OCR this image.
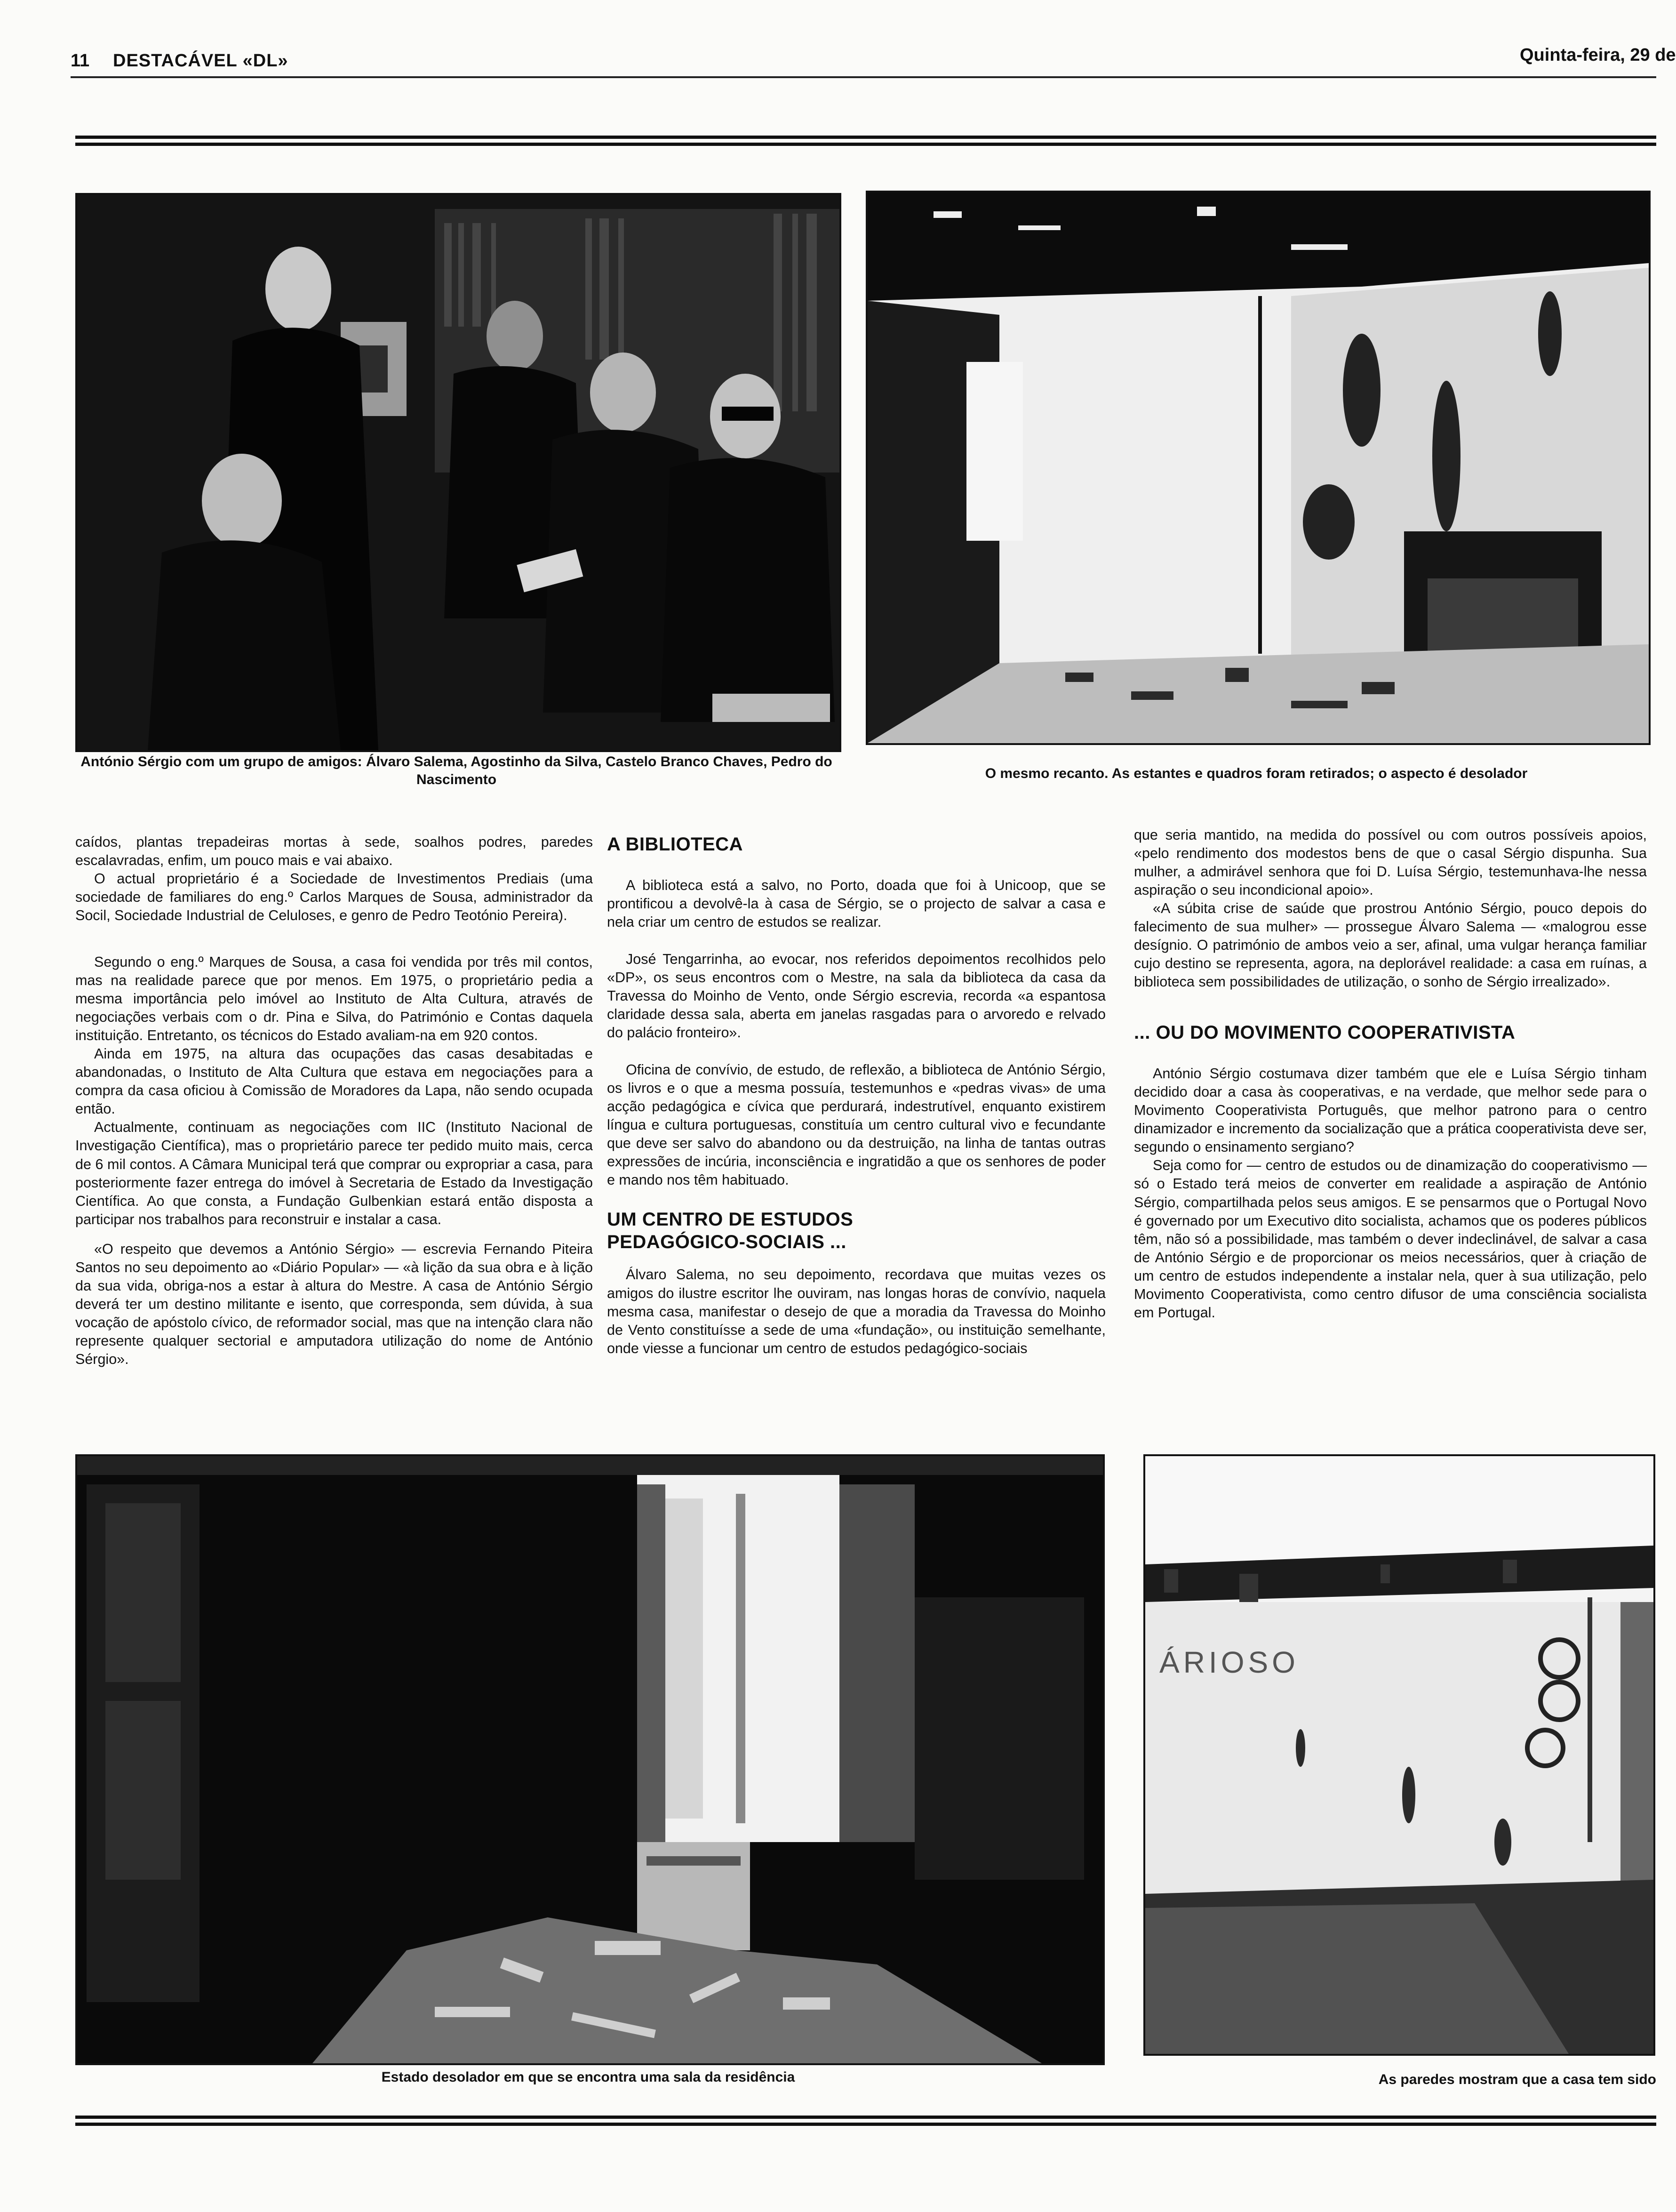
11 DESTACÁVEL «DL»	Quinta-feira, 29 de
António Sérgio com um grupo de amigos: Álvaro Salema, Agostinho da Silva, Castelo Branco Chaves, Pedro do Nascimento	O mesmo recanto. As estantes e quadros foram retirados; o aspecto é desolador

caídos, plantas trepadeiras mortas à sede, soalhos podres, paredes escalavradas, enfim, um pouco mais e vai abaixo.

O actual proprietário é a Sociedade de Investimentos Prediais (uma sociedade de familiares do eng.º Carlos Marques de Sousa, administrador da Socil, Sociedade Industrial de Celuloses, e genro de Pedro Teotónio Pereira).

Segundo o eng.º Marques de Sousa, a casa foi vendida por três mil contos, mas na realidade parece que por menos. Em 1975, o proprietário pedia a mesma importância pelo imóvel ao Instituto de Alta Cultura, através de negociações verbais com o dr. Pina e Silva, do Património e Contas daquela instituição. Entretanto, os técnicos do Estado avaliam-na em 920 contos.

Ainda em 1975, na altura das ocupações das casas desabitadas e abandonadas, o Instituto de Alta Cultura que estava em negociações para a compra da casa oficiou à Comissão de Moradores da Lapa, não sendo ocupada então.

Actualmente, continuam as negociações com IIC (Instituto Nacional de Investigação Científica), mas o proprietário parece ter pedido muito mais, cerca de 6 mil contos. A Câmara Municipal terá que comprar ou expropriar a casa, para posteriormente fazer entrega do imóvel à Secretaria de Estado da Investigação Científica. Ao que consta, a Fundação Gulbenkian estará então disposta a participar nos trabalhos para reconstruir e instalar a casa.

«O respeito que devemos a António Sérgio» — escrevia Fernando Piteira Santos no seu depoimento ao «Diário Popular» — «à lição da sua obra e à lição da sua vida, obriga-nos a estar à altura do Mestre. A casa de António Sérgio deverá ter um destino militante e isento, que corresponda, sem dúvida, à sua vocação de apóstolo cívico, de reformador social, mas que na intenção clara não represente qualquer sectorial e amputadora utilização do nome de António Sérgio».

A BIBLIOTECA

A biblioteca está a salvo, no Porto, doada que foi à Unicoop, que se prontificou a devolvê-la à casa de Sérgio, se o projecto de salvar a casa e nela criar um centro de estudos se realizar.

José Tengarrinha, ao evocar, nos referidos depoimentos recolhidos pelo «DP», os seus encontros com o Mestre, na sala da biblioteca da casa da Travessa do Moinho de Vento, onde Sérgio escrevia, recorda «a espantosa claridade dessa sala, aberta em janelas rasgadas para o arvoredo e relvado do palácio fronteiro».

Oficina de convívio, de estudo, de reflexão, a biblioteca de António Sérgio, os livros e o que a mesma possuía, testemunhos e «pedras vivas» de uma acção pedagógica e cívica que perdurará, indestrutível, enquanto existirem língua e cultura portuguesas, constituía um centro cultural vivo e fecundante que deve ser salvo do abandono ou da destruição, na linha de tantas outras expressões de incúria, inconsciência e ingratidão a que os senhores de poder e mando nos têm habituado.

UM CENTRO DE ESTUDOS
PEDAGÓGICO-SOCIAIS ...

Álvaro Salema, no seu depoimento, recordava que muitas vezes os amigos do ilustre escritor lhe ouviram, nas longas horas de convívio, naquela mesma casa, manifestar o desejo de que a moradia da Travessa do Moinho de Vento constituísse a sede de uma «fundação», ou instituição semelhante, onde viesse a funcionar um centro de estudos pedagógico-sociais

que seria mantido, na medida do possível ou com outros possíveis apoios, «pelo rendimento dos modestos bens de que o casal Sérgio dispunha. Sua mulher, a admirável senhora que foi D. Luísa Sérgio, testemunhava-lhe nessa aspiração o seu incondicional apoio».

«A súbita crise de saúde que prostrou António Sérgio, pouco depois do falecimento de sua mulher» — prossegue Álvaro Salema — «malogrou esse desígnio. O património de ambos veio a ser, afinal, uma vulgar herança familiar cujo destino se representa, agora, na deplorável realidade: a casa em ruínas, a biblioteca sem possibilidades de utilização, o sonho de Sérgio irrealizado».

... OU DO MOVIMENTO COOPERATIVISTA

António Sérgio costumava dizer também que ele e Luísa Sérgio tinham decidido doar a casa às cooperativas, e na verdade, que melhor sede para o Movimento Cooperativista Português, que melhor patrono para o centro dinamizador e incremento da socialização que a prática cooperativista deve ser, segundo o ensinamento sergiano?

Seja como for — centro de estudos ou de dinamização do cooperativismo — só o Estado terá meios de converter em realidade a aspiração de António Sérgio, compartilhada pelos seus amigos. E se pensarmos que o Portugal Novo é governado por um Executivo dito socialista, achamos que os poderes públicos têm, não só a possibilidade, mas também o dever indeclinável, de salvar a casa de António Sérgio e de proporcionar os meios necessários, quer à criação de um centro de estudos independente a instalar nela, quer à sua utilização, pelo Movimento Cooperativista, como centro difusor de uma consciência socialista em Portugal.

Estado desolador em que se encontra uma sala da residência
ÁRIOSO
As paredes mostram que a casa tem sido
